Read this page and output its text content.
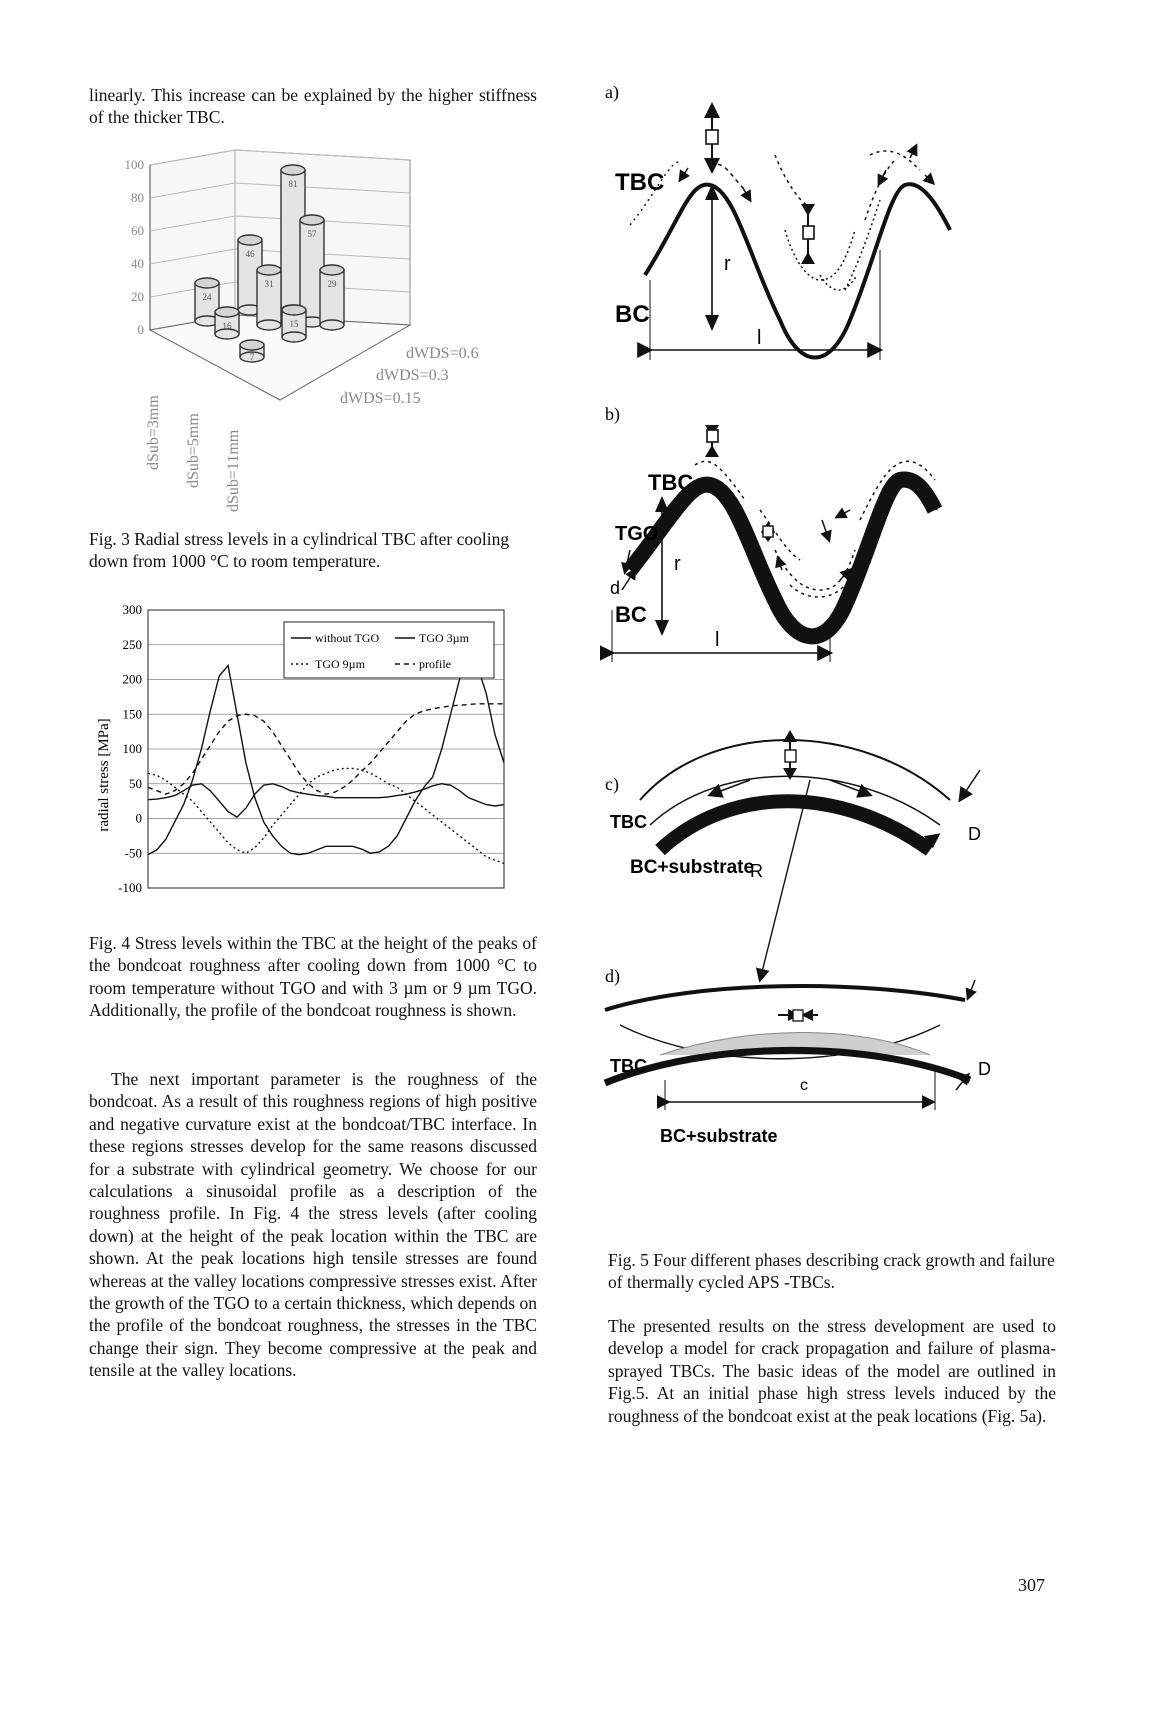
linearly. This increase can be explained by the higher stiffness of the thicker TBC.
100
80
60
40
20
0
24
46
81
16
31
57
7
15
29
dWDS=0.6
dWDS=0.3
dWDS=0.15
dSub=3mm dSub=5mm dSub=11mm
Fig. 3 Radial stress levels in a cylindrical TBC after cooling down from 1000 °C to room temperature.
300
250
200
150
100
50
0
-50
-100
radial stress [MPa]
without TGO	TGO 3µm
TGO 9µm	profile
Fig. 4 Stress levels within the TBC at the height of the peaks of the bondcoat roughness after cooling down from 1000 °C to room temperature without TGO and with 3 µm or 9 µm TGO. Additionally, the profile of the bondcoat roughness is shown.
The next important parameter is the roughness of the bondcoat. As a result of this roughness regions of high positive and negative curvature exist at the bondcoat/TBC interface. In these regions stresses develop for the same reasons discussed for a substrate with cylindrical geometry. We choose for our calculations a sinusoidal profile as a description of the roughness profile. In Fig. 4 the stress levels (after cooling down) at the height of the peak location within the TBC are shown. At the peak locations high tensile stresses are found whereas at the valley locations compressive stresses exist. After the growth of the TGO to a certain thickness, which depends on the profile of the bondcoat roughness, the stresses in the TBC change their sign. They become compressive at the peak and tensile at the valley locations.
a)
TBC
r
l
BC
b)
TBC
TGO
d
BC
r
l
c)
TBC
D
R
BC+substrate
d)
TBC	D
c
BC+substrate
Fig. 5 Four different phases describing crack growth and failure of thermally cycled APS -TBCs.
The presented results on the stress development are used to develop a model for crack propagation and failure of plasma-sprayed TBCs. The basic ideas of the model are outlined in Fig.5. At an initial phase high stress levels induced by the roughness of the bondcoat exist at the peak locations (Fig. 5a).
307
